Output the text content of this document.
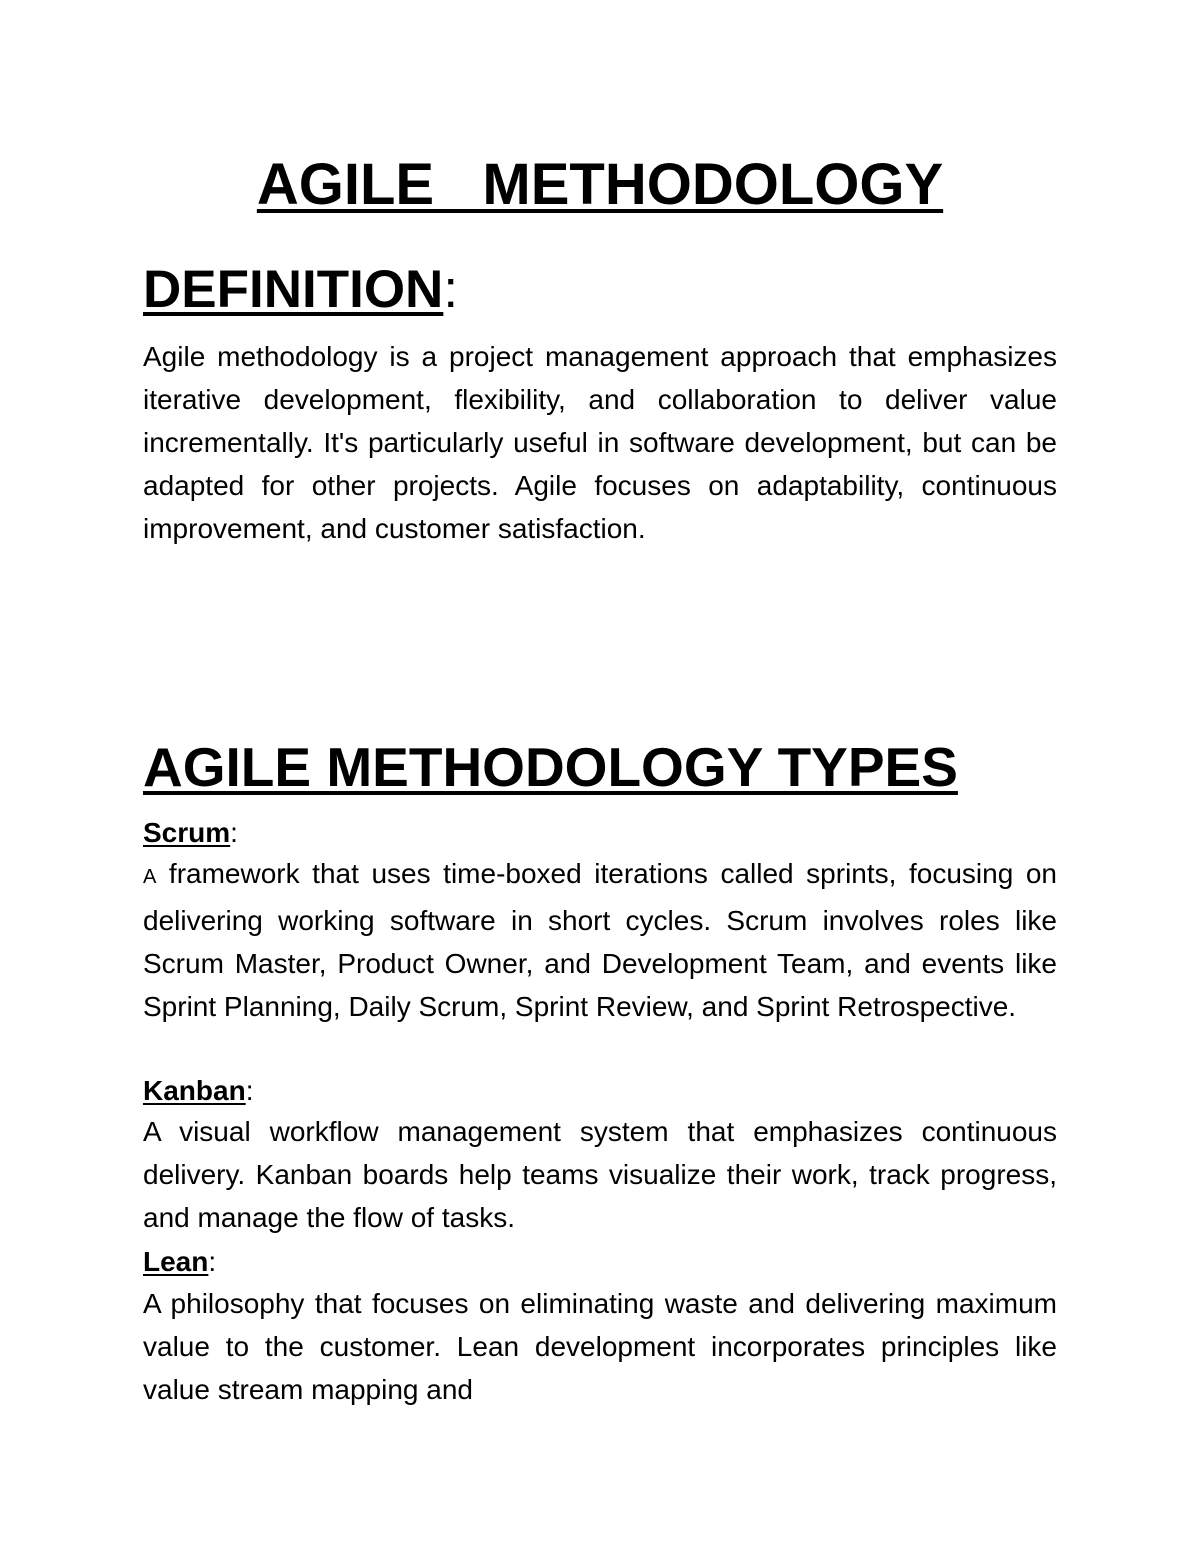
AGILE   METHODOLOGY
DEFINITION:

Agile methodology is a project management approach that emphasizes iterative development, flexibility, and collaboration to deliver value incrementally. It's particularly useful in software development, but can be adapted for other projects. Agile focuses on adaptability, continuous improvement, and customer satisfaction.

AGILE METHODOLOGY TYPES
Scrum:

A framework that uses time-boxed iterations called sprints, focusing on delivering working software in short cycles. Scrum involves roles like Scrum Master, Product Owner, and Development Team, and events like Sprint Planning, Daily Scrum, Sprint Review, and Sprint Retrospective.

Kanban:

A visual workflow management system that emphasizes continuous delivery. Kanban boards help teams visualize their work, track progress, and manage the flow of tasks.

Lean:

A philosophy that focuses on eliminating waste and delivering maximum value to the customer. Lean development incorporates principles like value stream mapping and
